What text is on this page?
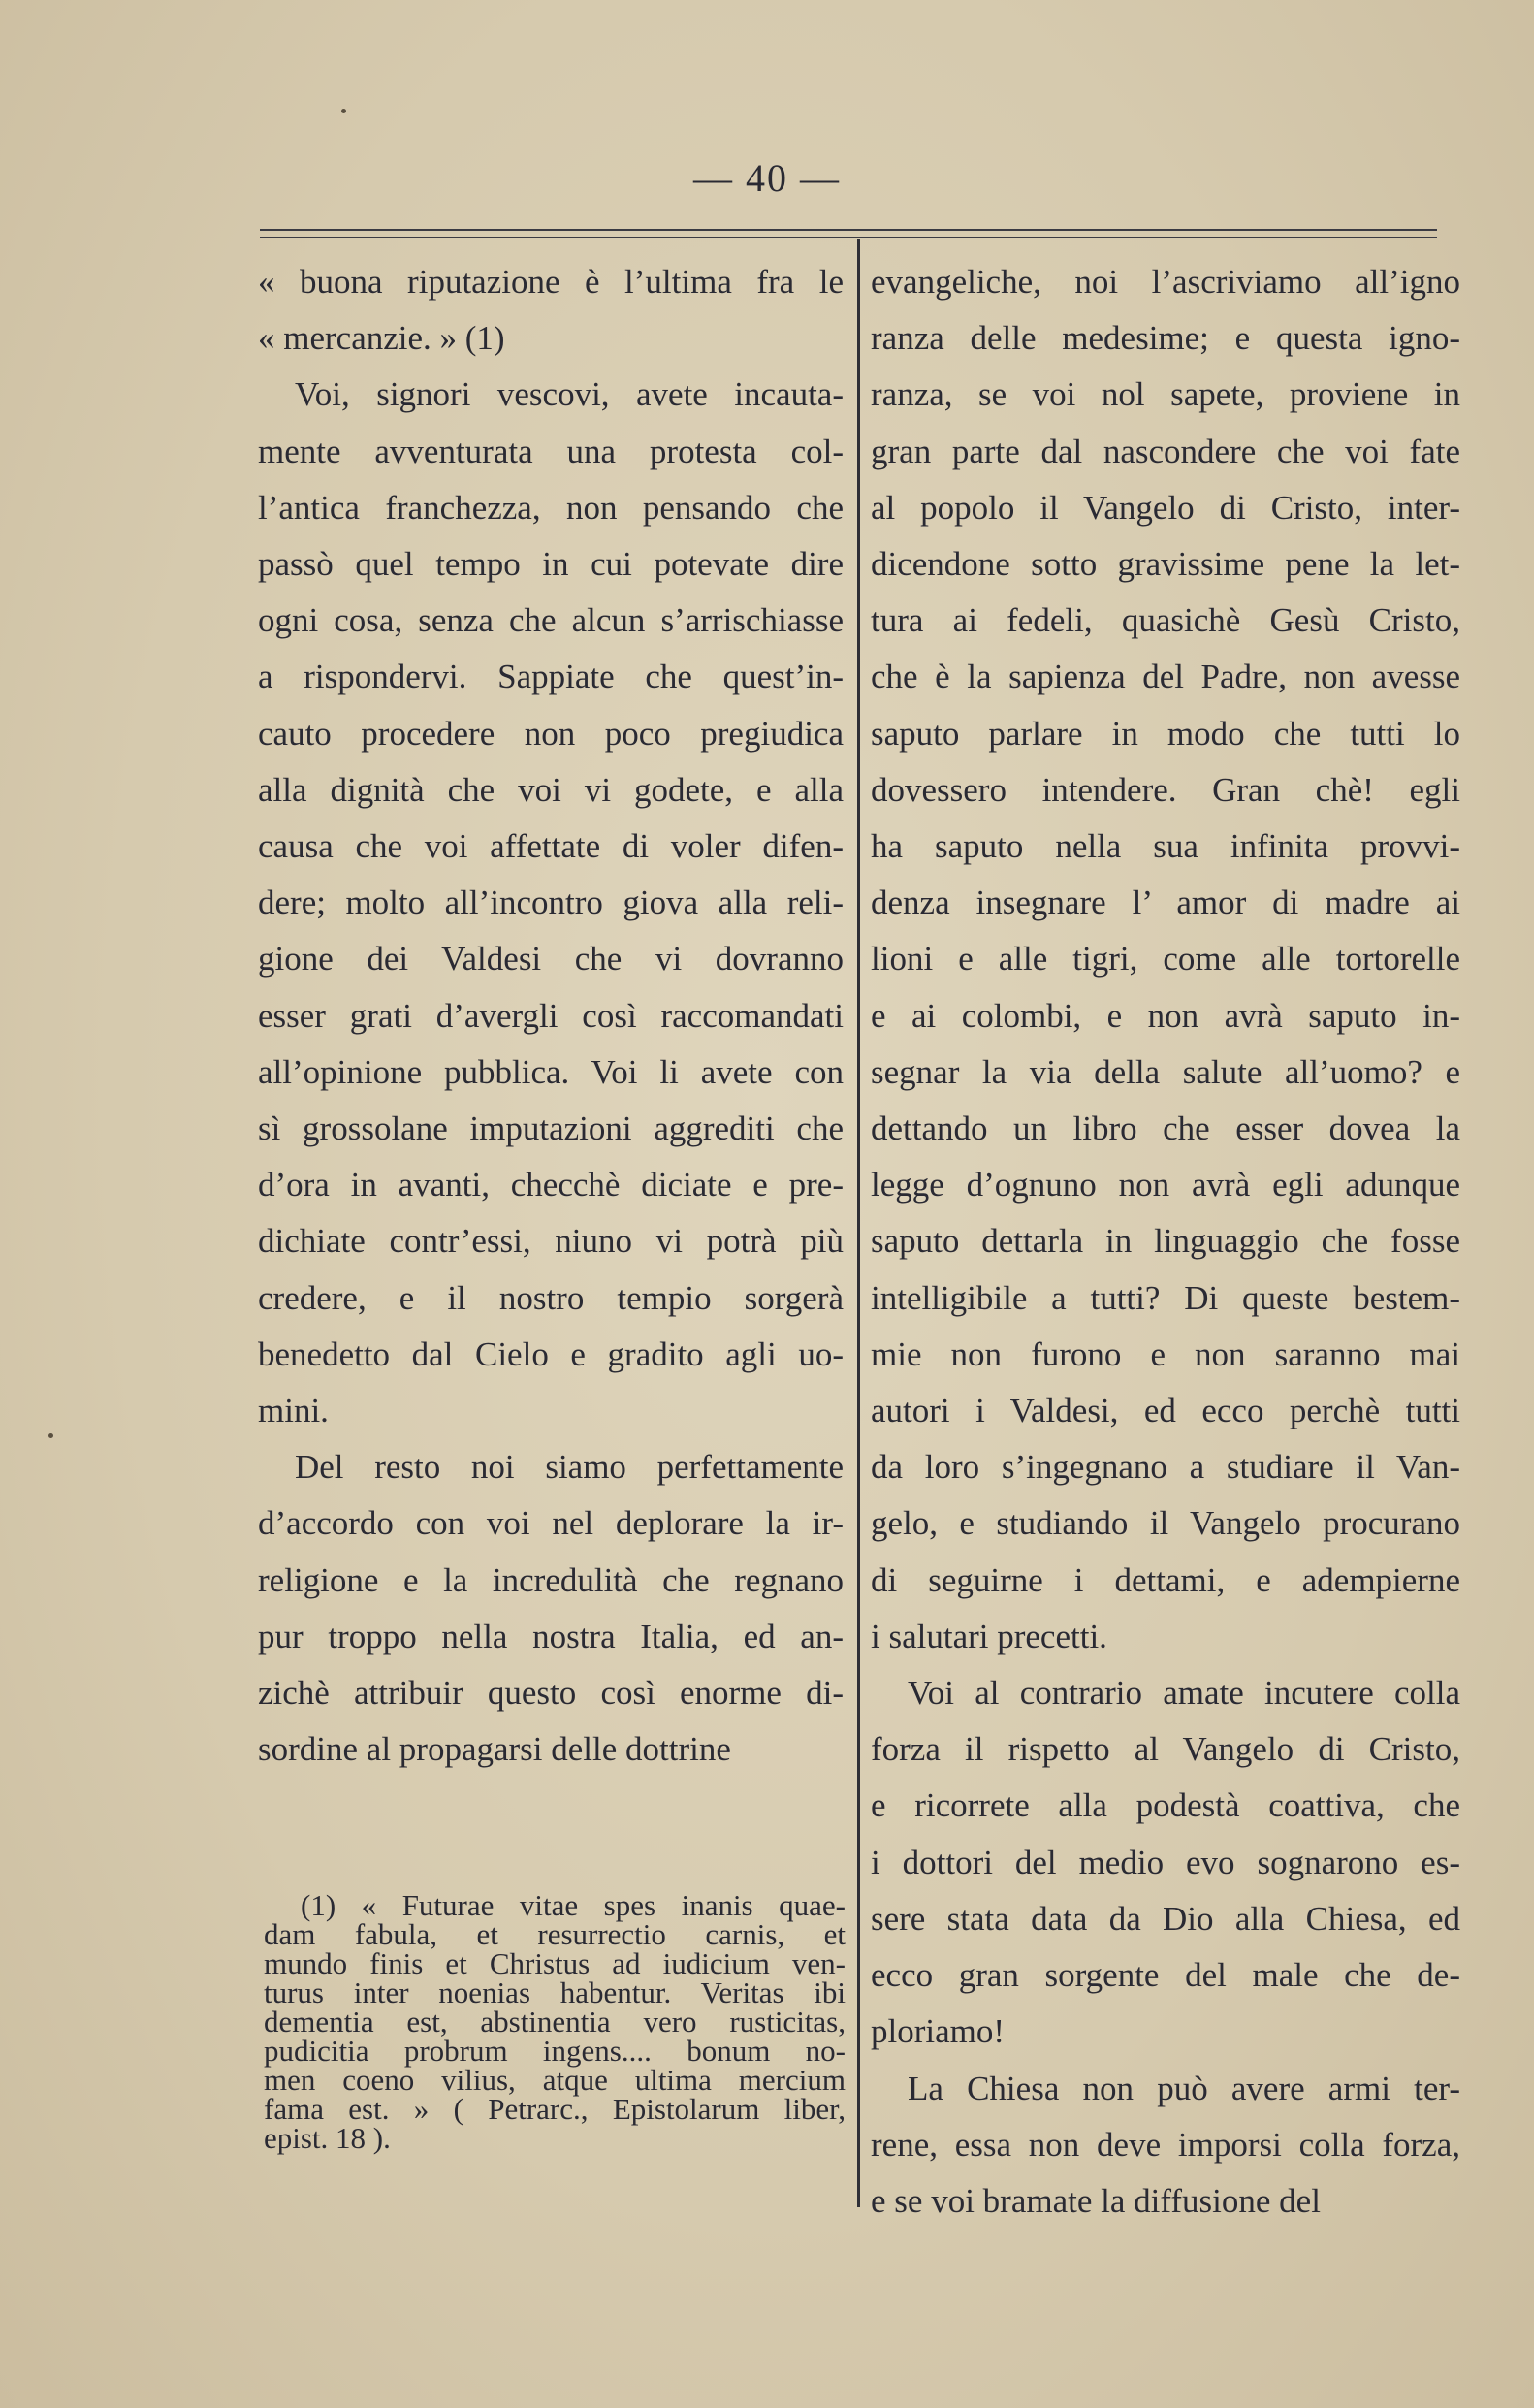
— 40 —
« buona riputazione è l’ultima fra le
« mercanzie. » (1)
Voi, signori vescovi, avete incauta-
mente avventurata una protesta col-
l’antica franchezza, non pensando che
passò quel tempo in cui potevate dire
ogni cosa, senza che alcun s’arrischiasse
a rispondervi. Sappiate che quest’in-
cauto procedere non poco pregiudica
alla dignità che voi vi godete, e alla
causa che voi affettate di voler difen-
dere; molto all’incontro giova alla reli-
gione dei Valdesi che vi dovranno
esser grati d’avergli così raccomandati
all’opinione pubblica. Voi li avete con
sì grossolane imputazioni aggrediti che
d’ora in avanti, checchè diciate e pre-
dichiate contr’essi, niuno vi potrà più
credere, e il nostro tempio sorgerà
benedetto dal Cielo e gradito agli uo-
mini.
Del resto noi siamo perfettamente
d’accordo con voi nel deplorare la ir-
religione e la incredulità che regnano
pur troppo nella nostra Italia, ed an-
zichè attribuir questo così enorme di-
sordine al propagarsi delle dottrine
evangeliche, noi l’ascriviamo all’igno
ranza delle medesime; e questa igno-
ranza, se voi nol sapete, proviene in
gran parte dal nascondere che voi fate
al popolo il Vangelo di Cristo, inter-
dicendone sotto gravissime pene la let-
tura ai fedeli, quasichè Gesù Cristo,
che è la sapienza del Padre, non avesse
saputo parlare in modo che tutti lo
dovessero intendere. Gran chè! egli
ha saputo nella sua infinita provvi-
denza insegnare l’ amor di madre ai
lioni e alle tigri, come alle tortorelle
e ai colombi, e non avrà saputo in-
segnar la via della salute all’uomo? e
dettando un libro che esser dovea la
legge d’ognuno non avrà egli adunque
saputo dettarla in linguaggio che fosse
intelligibile a tutti? Di queste bestem-
mie non furono e non saranno mai
autori i Valdesi, ed ecco perchè tutti
da loro s’ingegnano a studiare il Van-
gelo, e studiando il Vangelo procurano
di seguirne i dettami, e adempierne
i salutari precetti.
Voi al contrario amate incutere colla
forza il rispetto al Vangelo di Cristo,
e ricorrete alla podestà coattiva, che
i dottori del medio evo sognarono es-
sere stata data da Dio alla Chiesa, ed
ecco gran sorgente del male che de-
ploriamo!
La Chiesa non può avere armi ter-
rene, essa non deve imporsi colla forza,
e se voi bramate la diffusione del
(1) « Futurae vitae spes inanis quae-
dam fabula, et resurrectio carnis, et
mundo finis et Christus ad iudicium ven-
turus inter noenias habentur. Veritas ibi
dementia est, abstinentia vero rusticitas,
pudicitia probrum ingens.... bonum no-
men coeno vilius, atque ultima mercium
fama est. » ( Petrarc., Epistolarum liber,
epist. 18 ).
